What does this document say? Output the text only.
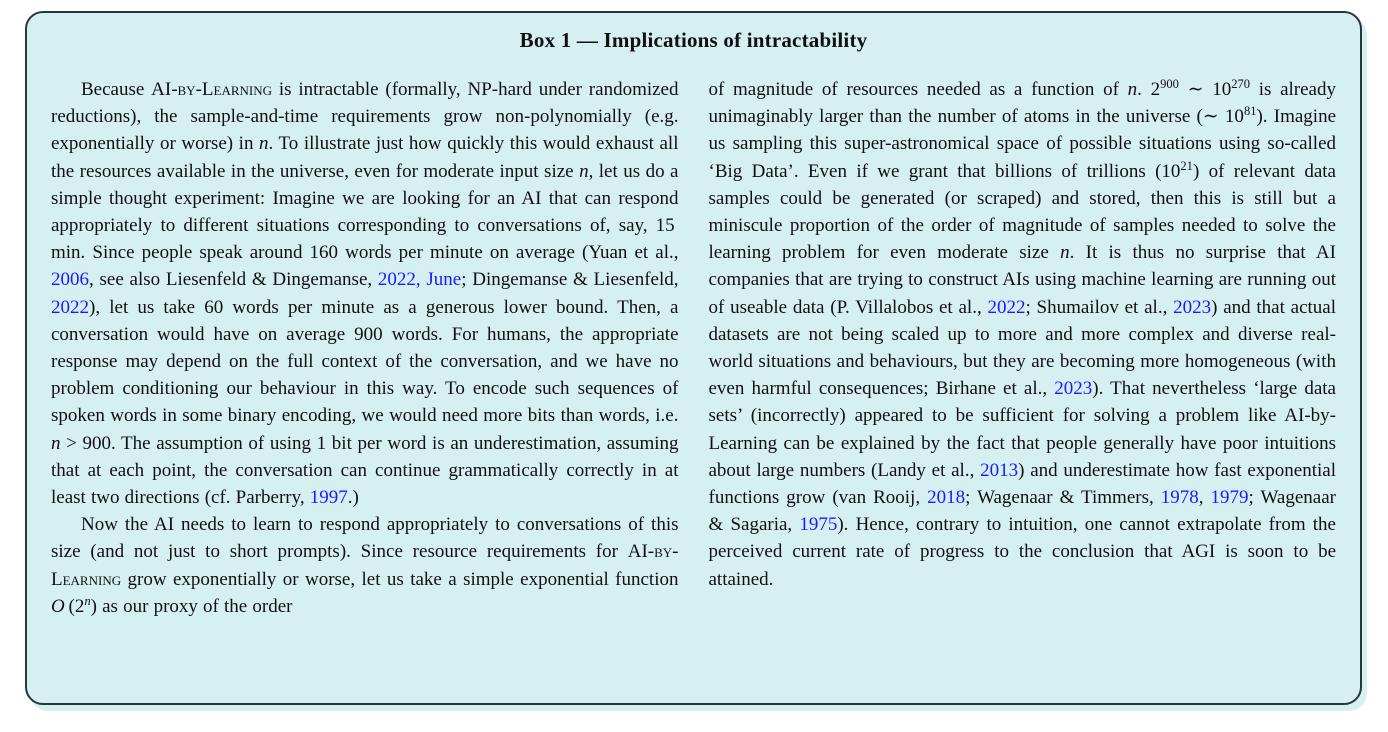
Box 1 — Implications of intractability

Because AI-by-Learning is intractable (formally, NP-hard under randomized reductions), the sample-and-time requirements grow non-polynomially (e.g. exponentially or worse) in n. To illustrate just how quickly this would exhaust all the resources available in the universe, even for moderate input size n, let us do a simple thought experiment: Imagine we are looking for an AI that can respond appropriately to different situations corresponding to conversations of, say, 15 min. Since people speak around 160 words per minute on average (Yuan et al., 2006, see also Liesenfeld & Dingemanse, 2022, June; Dingemanse & Liesenfeld, 2022), let us take 60 words per minute as a generous lower bound. Then, a conversation would have on average 900 words. For humans, the appropriate response may depend on the full context of the conversation, and we have no problem conditioning our behaviour in this way. To encode such sequences of spoken words in some binary encoding, we would need more bits than words, i.e. n > 900. The assumption of using 1 bit per word is an underestimation, assuming that at each point, the conversation can continue grammatically correctly in at least two directions (cf. Parberry, 1997.)

Now the AI needs to learn to respond appropriately to conversations of this size (and not just to short prompts). Since resource requirements for AI-by-Learning grow exponentially or worse, let us take a simple exponential function O (2$^n$) as our proxy of the order

of magnitude of resources needed as a function of n. $2^{900}$ ∼ $10^{270}$ is already unimaginably larger than the number of atoms in the universe (∼ $10^{81}$). Imagine us sampling this super-astronomical space of possible situations using so-called ‘Big Data’. Even if we grant that billions of trillions $(10^{21})$ of relevant data samples could be generated (or scraped) and stored, then this is still but a miniscule proportion of the order of magnitude of samples needed to solve the learning problem for even moderate size n. It is thus no surprise that AI companies that are trying to construct AIs using machine learning are running out of useable data (P. Villalobos et al., 2022; Shumailov et al., 2023) and that actual datasets are not being scaled up to more and more complex and diverse real-world situations and behaviours, but they are becoming more homogeneous (with even harmful consequences; Birhane et al., 2023). That nevertheless ‘large data sets’ (incorrectly) appeared to be sufficient for solving a problem like AI-by-Learning can be explained by the fact that people generally have poor intuitions about large numbers (Landy et al., 2013) and underestimate how fast exponential functions grow (van Rooij, 2018; Wagenaar & Timmers, 1978, 1979; Wagenaar & Sagaria, 1975). Hence, contrary to intuition, one cannot extrapolate from the perceived current rate of progress to the conclusion that AGI is soon to be attained.
